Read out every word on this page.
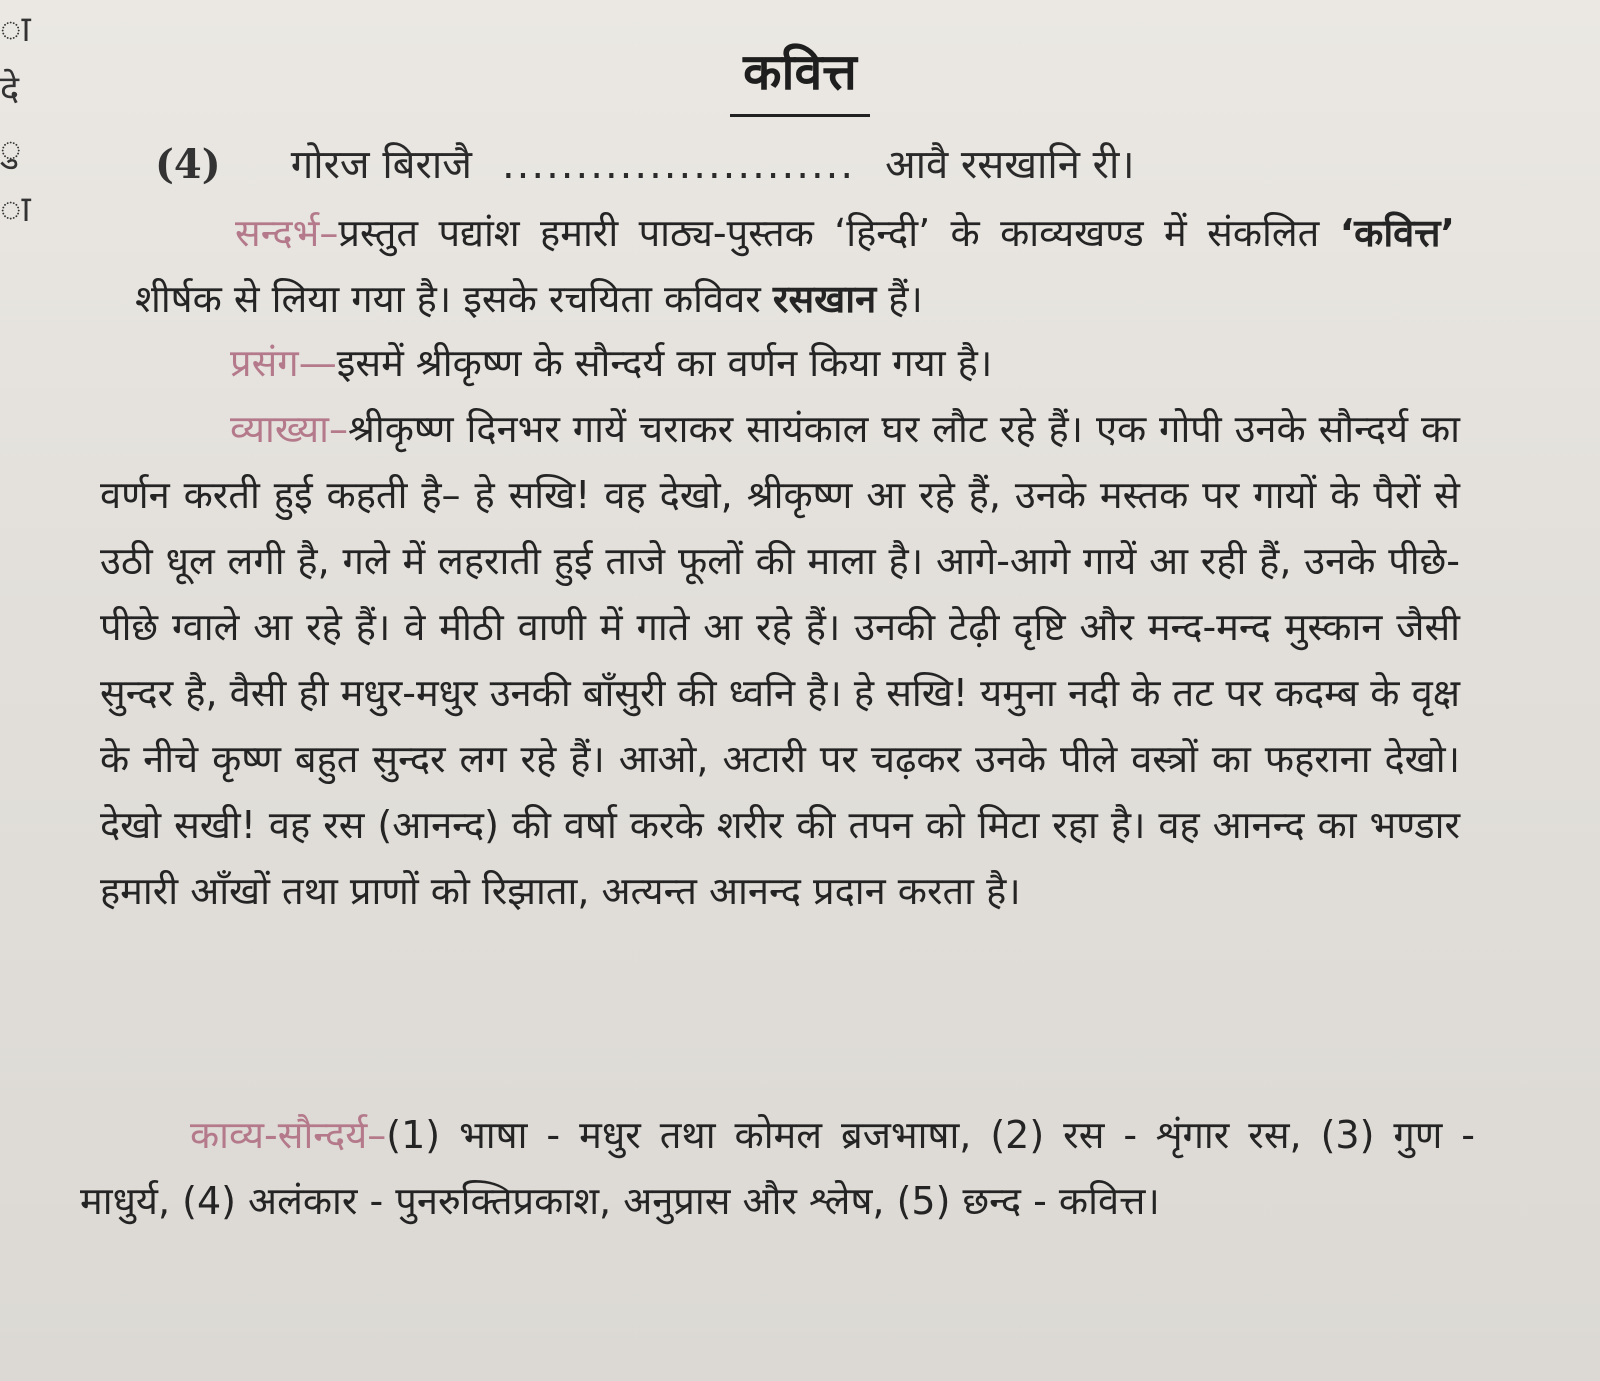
ा
दे
ु
ा
कवित्त
(4) गोरज बिराजै ........................ आवै रसखानि री।
सन्दर्भ–प्रस्तुत पद्यांश हमारी पाठ्य-पुस्तक ‘हिन्दी’ के काव्यखण्ड में संकलित ‘कवित्त’ शीर्षक से लिया गया है। इसके रचयिता कविवर रसखान हैं।
प्रसंग—इसमें श्रीकृष्ण के सौन्दर्य का वर्णन किया गया है।
व्याख्या–श्रीकृष्ण दिनभर गायें चराकर सायंकाल घर लौट रहे हैं। एक गोपी उनके सौन्दर्य का वर्णन करती हुई कहती है– हे सखि! वह देखो, श्रीकृष्ण आ रहे हैं, उनके मस्तक पर गायों के पैरों से उठी धूल लगी है, गले में लहराती हुई ताजे फूलों की माला है। आगे-आगे गायें आ रही हैं, उनके पीछे-पीछे ग्वाले आ रहे हैं। वे मीठी वाणी में गाते आ रहे हैं। उनकी टेढ़ी दृष्टि और मन्द-मन्द मुस्कान जैसी सुन्दर है, वैसी ही मधुर-मधुर उनकी बाँसुरी की ध्वनि है। हे सखि! यमुना नदी के तट पर कदम्ब के वृक्ष के नीचे कृष्ण बहुत सुन्दर लग रहे हैं। आओ, अटारी पर चढ़कर उनके पीले वस्त्रों का फहराना देखो। देखो सखी! वह रस (आनन्द) की वर्षा करके शरीर की तपन को मिटा रहा है। वह आनन्द का भण्डार हमारी आँखों तथा प्राणों को रिझाता, अत्यन्त आनन्द प्रदान करता है।
काव्य-सौन्दर्य–(1) भाषा - मधुर तथा कोमल ब्रजभाषा, (2) रस - शृंगार रस, (3) गुण - माधुर्य, (4) अलंकार - पुनरुक्तिप्रकाश, अनुप्रास और श्लेष, (5) छन्द - कवित्त।
